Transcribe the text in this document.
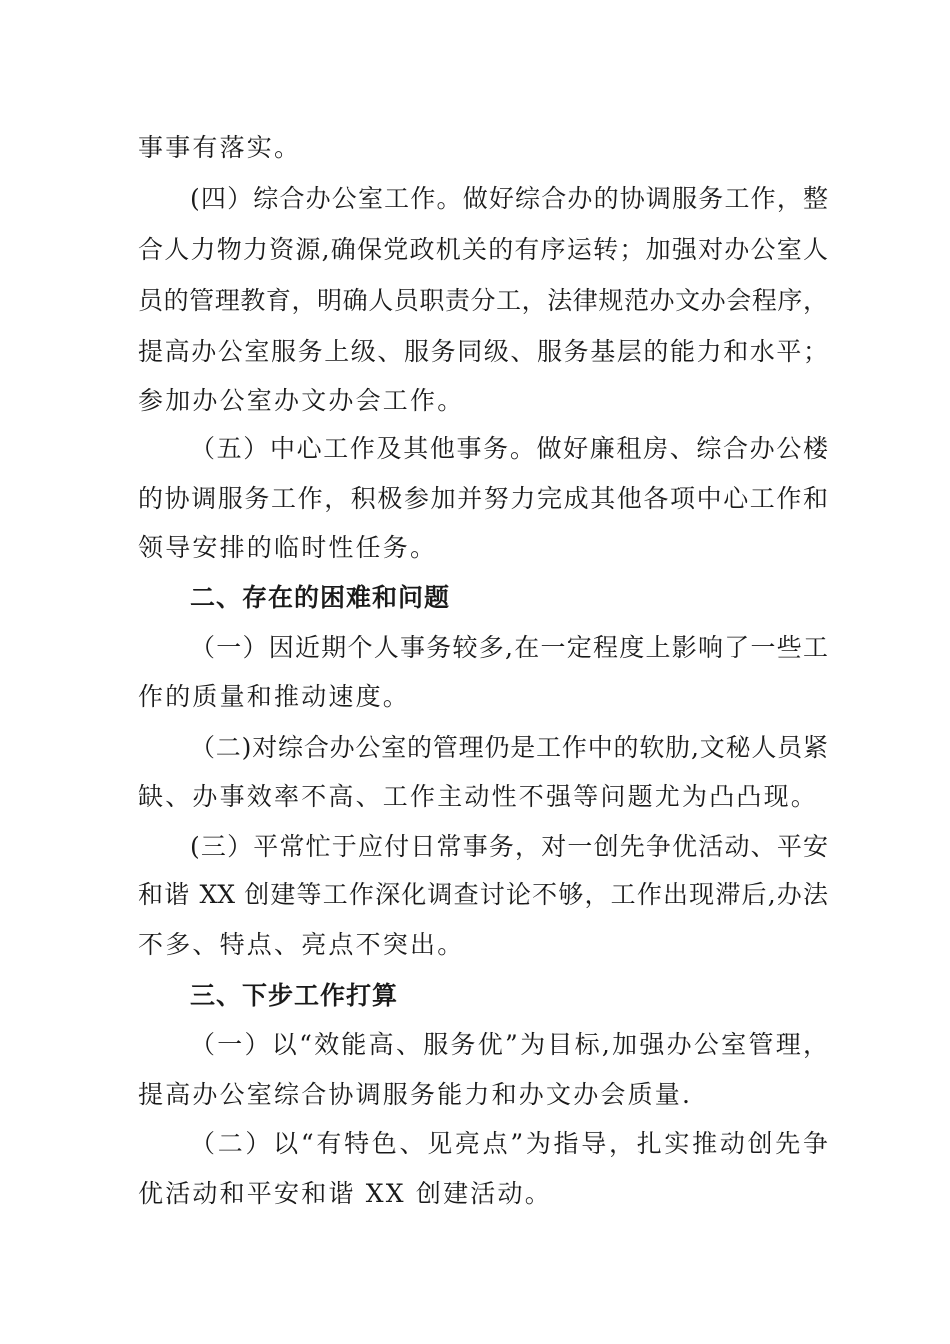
事事有落实。
(四）综合办公室工作。做好综合办的协调服务工作，整
合人力物力资源,确保党政机关的有序运转；加强对办公室人
员的管理教育，明确人员职责分工，法律规范办文办会程序，
提高办公室服务上级、服务同级、服务基层的能力和水平；
参加办公室办文办会工作。
（五）中心工作及其他事务。做好廉租房、综合办公楼
的协调服务工作，积极参加并努力完成其他各项中心工作和
领导安排的临时性任务。
二、存在的困难和问题
（一）因近期个人事务较多,在一定程度上影响了一些工
作的质量和推动速度。
（二)对综合办公室的管理仍是工作中的软肋,文秘人员紧
缺、办事效率不高、工作主动性不强等问题尤为凸凸现。
(三）平常忙于应付日常事务，对一创先争优活动、平安
和谐 XX 创建等工作深化调查讨论不够，工作出现滞后,办法
不多、特点、亮点不突出。
三、下步工作打算
（一）以“效能高、服务优”为目标,加强办公室管理，
提高办公室综合协调服务能力和办文办会质量.
（二）以“有特色、见亮点”为指导，扎实推动创先争
优活动和平安和谐 XX 创建活动。
